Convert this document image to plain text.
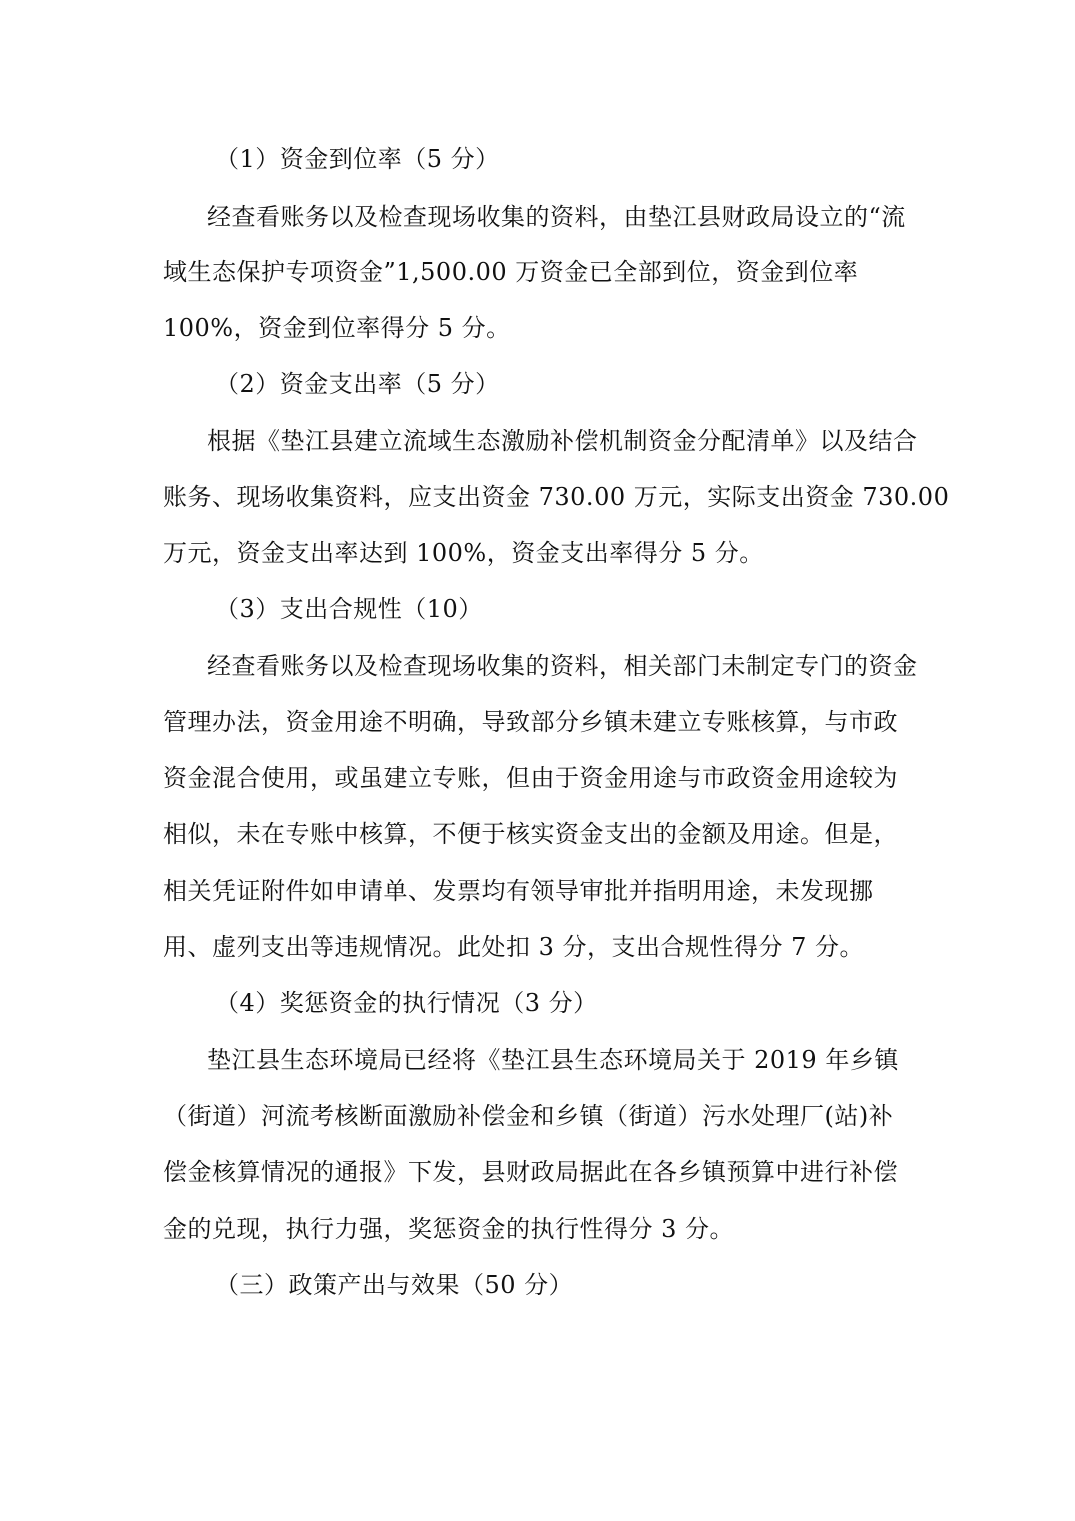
（1）资金到位率（5 分）
经查看账务以及检查现场收集的资料，由垫江县财政局设立的“流
域生态保护专项资金”1,500.00 万资金已全部到位，资金到位率
100%，资金到位率得分 5 分。
（2）资金支出率（5 分）
根据《垫江县建立流域生态激励补偿机制资金分配清单》以及结合
账务、现场收集资料，应支出资金 730.00 万元，实际支出资金 730.00
万元，资金支出率达到 100%，资金支出率得分 5 分。
（3）支出合规性（10）
经查看账务以及检查现场收集的资料，相关部门未制定专门的资金
管理办法，资金用途不明确，导致部分乡镇未建立专账核算，与市政
资金混合使用，或虽建立专账，但由于资金用途与市政资金用途较为
相似，未在专账中核算，不便于核实资金支出的金额及用途。但是，
相关凭证附件如申请单、发票均有领导审批并指明用途，未发现挪
用、虚列支出等违规情况。此处扣 3 分，支出合规性得分 7 分。
（4）奖惩资金的执行情况（3 分）
垫江县生态环境局已经将《垫江县生态环境局关于 2019 年乡镇
（街道）河流考核断面激励补偿金和乡镇（街道）污水处理厂(站)补
偿金核算情况的通报》下发，县财政局据此在各乡镇预算中进行补偿
金的兑现，执行力强，奖惩资金的执行性得分 3 分。
（三）政策产出与效果（50 分）
